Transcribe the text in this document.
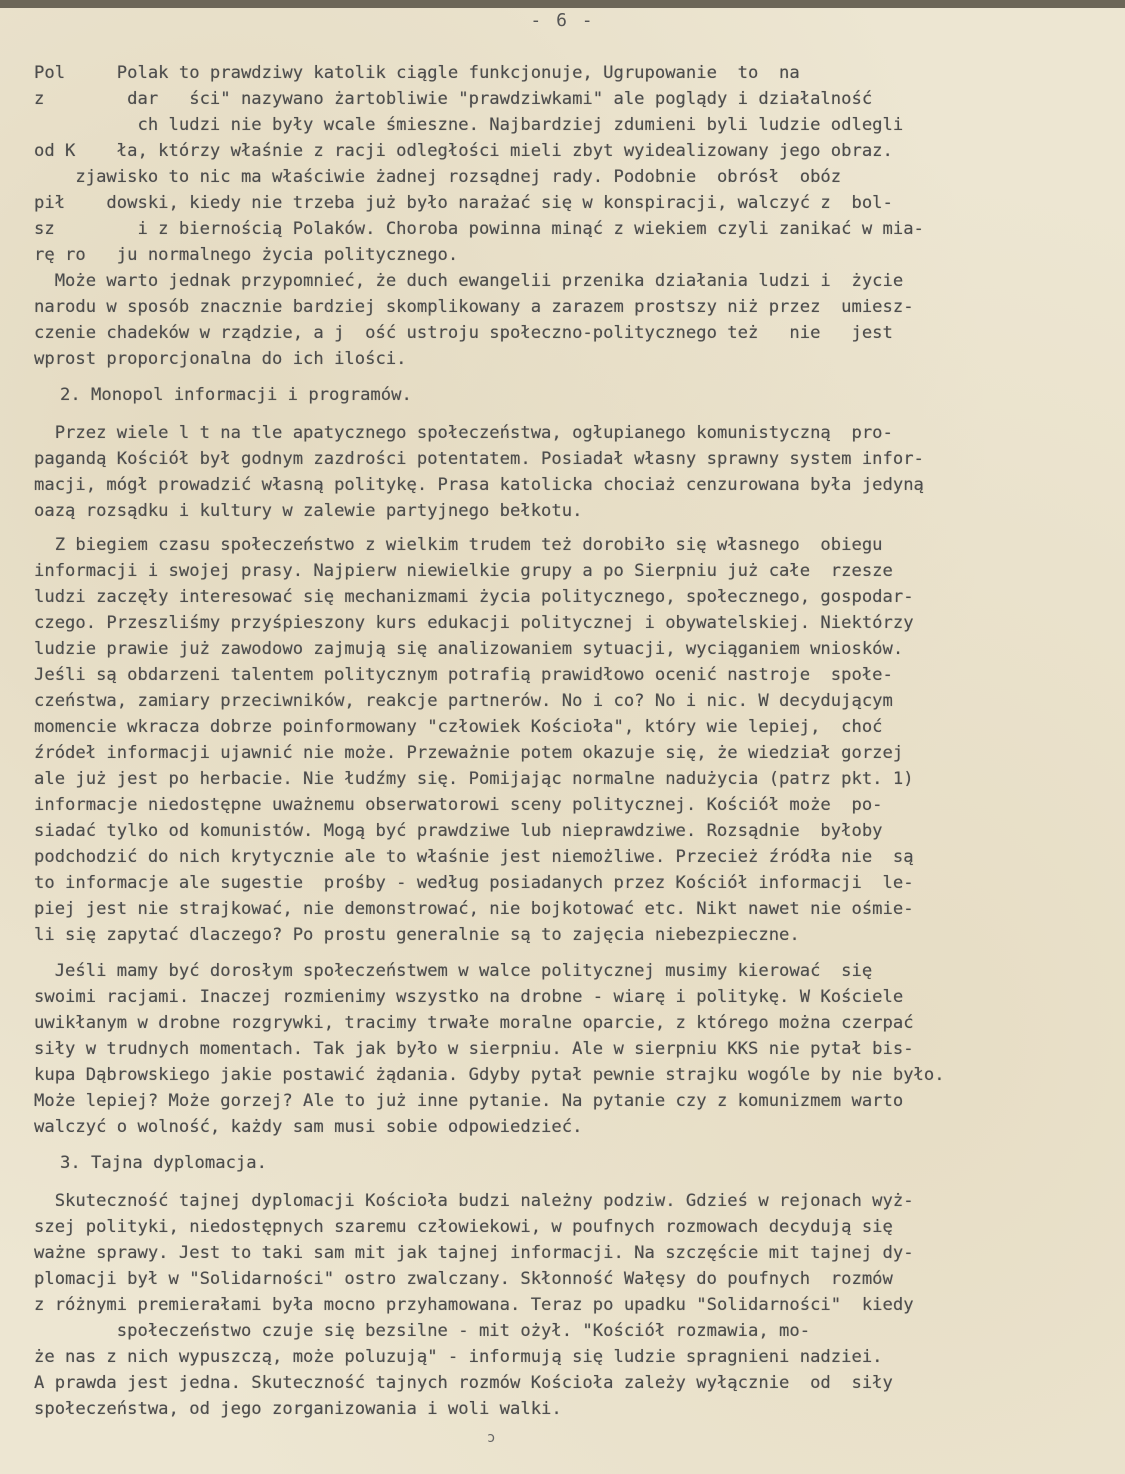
- 6 -
Pol     Polak to prawdziwy katolik ciągle funkcjonuje, Ugrupowanie  to  na
z        dar   ści" nazywano żartobliwie "prawdziwkami" ale poglądy i działalność
ch ludzi nie były wcale śmieszne. Najbardziej zdumieni byli ludzie odlegli
od K    ła, którzy właśnie z racji odległości mieli zbyt wyidealizowany jego obraz.
zjawisko to nic ma właściwie żadnej rozsądnej rady. Podobnie  obrósł  obóz
pił    dowski, kiedy nie trzeba już było narażać się w konspiracji, walczyć z  bol-
sz        i z biernością Polaków. Choroba powinna minąć z wiekiem czyli zanikać w mia-
rę ro   ju normalnego życia politycznego.
Może warto jednak przypomnieć, że duch ewangelii przenika działania ludzi i  życie
narodu w sposób znacznie bardziej skomplikowany a zarazem prostszy niż przez  umiesz-
czenie chadeków w rządzie, a j  ość ustroju społeczno-politycznego też   nie   jest
wprost proporcjonalna do ich ilości.
2. Monopol informacji i programów.
Przez wiele l t na tle apatycznego społeczeństwa, ogłupianego komunistyczną  pro-
pagandą Kościół był godnym zazdrości potentatem. Posiadał własny sprawny system infor-
macji, mógł prowadzić własną politykę. Prasa katolicka chociaż cenzurowana była jedyną
oazą rozsądku i kultury w zalewie partyjnego bełkotu.
Z biegiem czasu społeczeństwo z wielkim trudem też dorobiło się własnego  obiegu
informacji i swojej prasy. Najpierw niewielkie grupy a po Sierpniu już całe  rzesze
ludzi zaczęły interesować się mechanizmami życia politycznego, społecznego, gospodar-
czego. Przeszliśmy przyśpieszony kurs edukacji politycznej i obywatelskiej. Niektórzy
ludzie prawie już zawodowo zajmują się analizowaniem sytuacji, wyciąganiem wniosków.
Jeśli są obdarzeni talentem politycznym potrafią prawidłowo ocenić nastroje  społe-
czeństwa, zamiary przeciwników, reakcje partnerów. No i co? No i nic. W decydującym
momencie wkracza dobrze poinformowany "człowiek Kościoła", który wie lepiej,  choć
źródeł informacji ujawnić nie może. Przeważnie potem okazuje się, że wiedział gorzej
ale już jest po herbacie. Nie łudźmy się. Pomijając normalne nadużycia (patrz pkt. 1)
informacje niedostępne uważnemu obserwatorowi sceny politycznej. Kościół może  po-
siadać tylko od komunistów. Mogą być prawdziwe lub nieprawdziwe. Rozsądnie  byłoby
podchodzić do nich krytycznie ale to właśnie jest niemożliwe. Przecież źródła nie  są
to informacje ale sugestie  prośby - według posiadanych przez Kościół informacji  le-
piej jest nie strajkować, nie demonstrować, nie bojkotować etc. Nikt nawet nie ośmie-
li się zapytać dlaczego? Po prostu generalnie są to zajęcia niebezpieczne.
Jeśli mamy być dorosłym społeczeństwem w walce politycznej musimy kierować  się
swoimi racjami. Inaczej rozmienimy wszystko na drobne - wiarę i politykę. W Kościele
uwikłanym w drobne rozgrywki, tracimy trwałe moralne oparcie, z którego można czerpać
siły w trudnych momentach. Tak jak było w sierpniu. Ale w sierpniu KKS nie pytał bis-
kupa Dąbrowskiego jakie postawić żądania. Gdyby pytał pewnie strajku wogóle by nie było.
Może lepiej? Może gorzej? Ale to już inne pytanie. Na pytanie czy z komunizmem warto
walczyć o wolność, każdy sam musi sobie odpowiedzieć.
3. Tajna dyplomacja.
Skuteczność tajnej dyplomacji Kościoła budzi należny podziw. Gdzieś w rejonach wyż-
szej polityki, niedostępnych szaremu człowiekowi, w poufnych rozmowach decydują się
ważne sprawy. Jest to taki sam mit jak tajnej informacji. Na szczęście mit tajnej dy-
plomacji był w "Solidarności" ostro zwalczany. Skłonność Wałęsy do poufnych  rozmów
z różnymi premierałami była mocno przyhamowana. Teraz po upadku "Solidarności"  kiedy
społeczeństwo czuje się bezsilne - mit ożył. "Kościół rozmawia, mo-
że nas z nich wypuszczą, może poluzują" - informują się ludzie spragnieni nadziei.
A prawda jest jedna. Skuteczność tajnych rozmów Kościoła zależy wyłącznie  od  siły
społeczeństwa, od jego zorganizowania i woli walki.
ɔ
